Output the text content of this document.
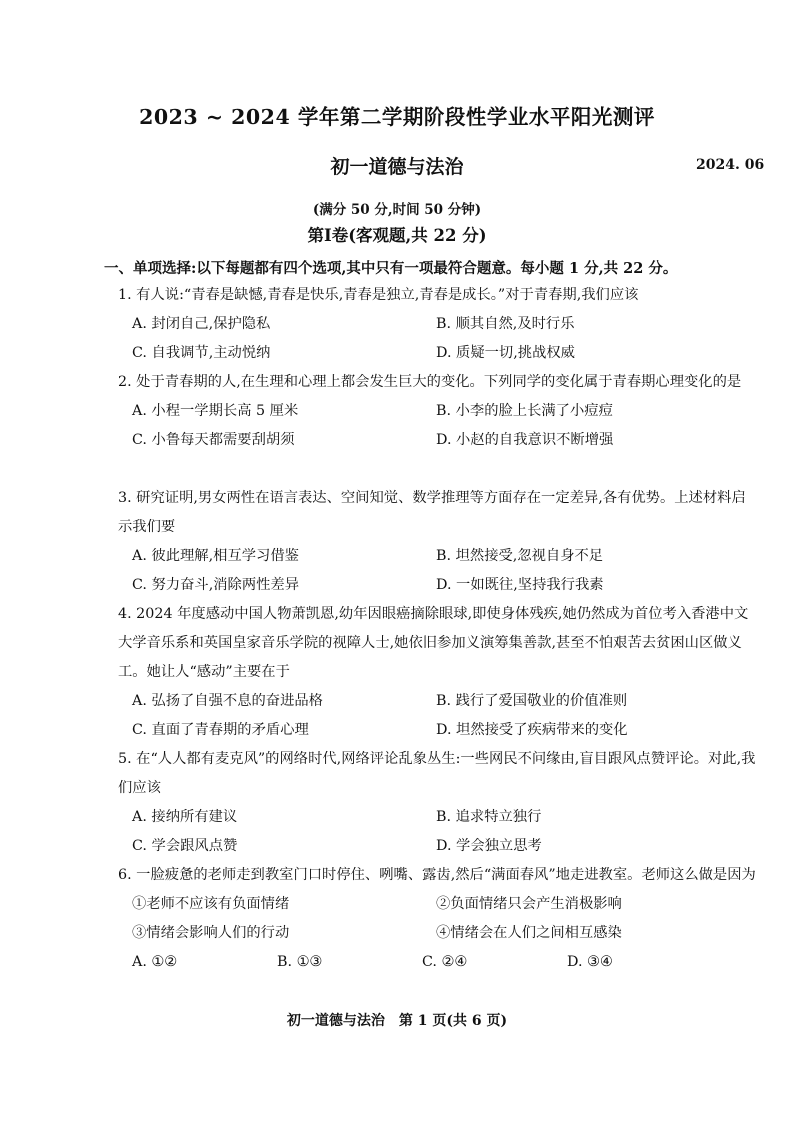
2023 ~ 2024 学年第二学期阶段性学业水平阳光测评
初一道德与法治	2024. 06
(满分 50 分,时间 50 分钟)
第Ⅰ卷(客观题,共 22 分)
一、单项选择:以下每题都有四个选项,其中只有一项最符合题意。每小题 1 分,共 22 分。

1. 有人说:“青春是缺憾,青春是快乐,青春是独立,青春是成长。”对于青春期,我们应该

A. 封闭自己,保护隐私	B. 顺其自然,及时行乐
C. 自我调节,主动悦纳	D. 质疑一切,挑战权威

2. 处于青春期的人,在生理和心理上都会发生巨大的变化。下列同学的变化属于青春期心理变化的是

A. 小程一学期长高 5 厘米	B. 小李的脸上长满了小痘痘
C. 小鲁每天都需要刮胡须	D. 小赵的自我意识不断增强

3. 研究证明,男女两性在语言表达、空间知觉、数学推理等方面存在一定差异,各有优势。上述材料启示我们要

A. 彼此理解,相互学习借鉴	B. 坦然接受,忽视自身不足
C. 努力奋斗,消除两性差异	D. 一如既往,坚持我行我素

4. 2024 年度感动中国人物萧凯恩,幼年因眼癌摘除眼球,即使身体残疾,她仍然成为首位考入香港中文大学音乐系和英国皇家音乐学院的视障人士,她依旧参加义演筹集善款,甚至不怕艰苦去贫困山区做义工。她让人“感动”主要在于

A. 弘扬了自强不息的奋进品格	B. 践行了爱国敬业的价值准则
C. 直面了青春期的矛盾心理	D. 坦然接受了疾病带来的变化

5. 在“人人都有麦克风”的网络时代,网络评论乱象丛生:一些网民不问缘由,盲目跟风点赞评论。对此,我们应该

A. 接纳所有建议	B. 追求特立独行
C. 学会跟风点赞	D. 学会独立思考

6. 一脸疲惫的老师走到教室门口时停住、咧嘴、露齿,然后“满面春风”地走进教室。老师这么做是因为

①老师不应该有负面情绪	②负面情绪只会产生消极影响
③情绪会影响人们的行动	④情绪会在人们之间相互感染
A. ①②	B. ①③	C. ②④	D. ③④
初一道德与法治　第 1 页(共 6 页)
